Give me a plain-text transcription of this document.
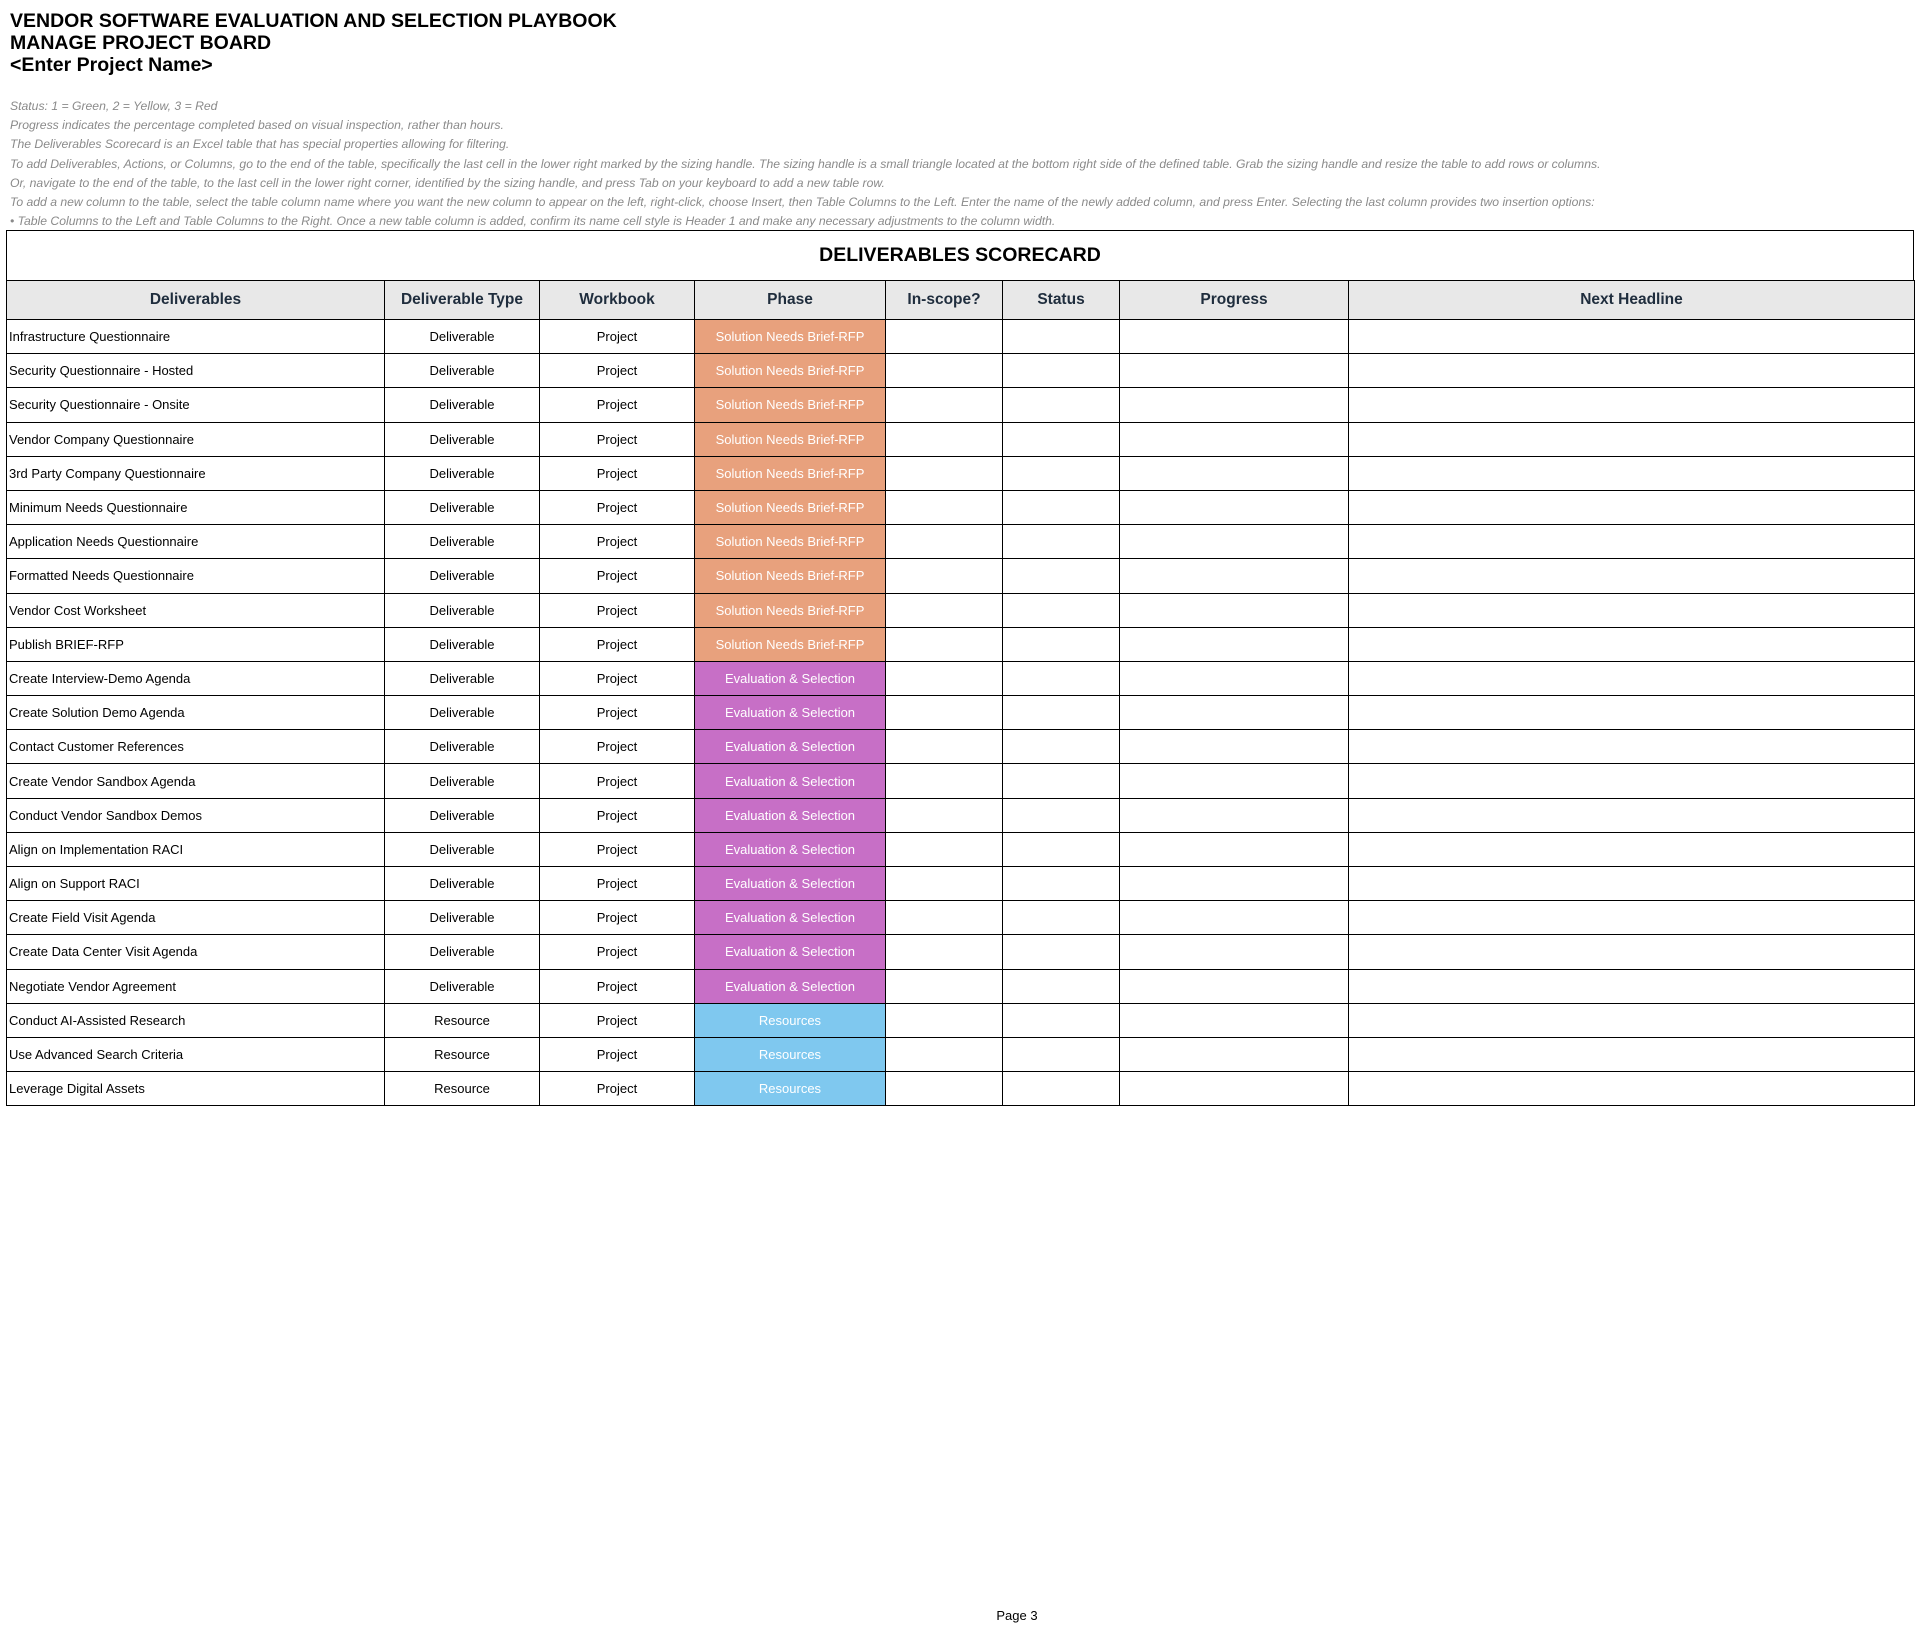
VENDOR SOFTWARE EVALUATION AND SELECTION PLAYBOOK
MANAGE PROJECT BOARD
<Enter Project Name>
Status: 1 = Green, 2 = Yellow, 3 = Red
Progress indicates the percentage completed based on visual inspection, rather than hours.
The Deliverables Scorecard is an Excel table that has special properties allowing for filtering.
To add Deliverables, Actions, or Columns, go to the end of the table, specifically the last cell in the lower right marked by the sizing handle. The sizing handle is a small triangle located at the bottom right side of the defined table. Grab the sizing handle and resize the table to add rows or columns.
Or, navigate to the end of the table, to the last cell in the lower right corner, identified by the sizing handle, and press Tab on your keyboard to add a new table row.
To add a new column to the table, select the table column name where you want the new column to appear on the left, right-click, choose Insert, then Table Columns to the Left. Enter the name of the newly added column, and press Enter. Selecting the last column provides two insertion options:
• Table Columns to the Left and Table Columns to the Right. Once a new table column is added, confirm its name cell style is Header 1 and make any necessary adjustments to the column width.
DELIVERABLES SCORECARD
Deliverables	Deliverable Type	Workbook	Phase	In-scope?	Status	Progress	Next Headline
Infrastructure Questionnaire	Deliverable	Project	Solution Needs Brief-RFP				
Security Questionnaire - Hosted	Deliverable	Project	Solution Needs Brief-RFP				
Security Questionnaire - Onsite	Deliverable	Project	Solution Needs Brief-RFP				
Vendor Company Questionnaire	Deliverable	Project	Solution Needs Brief-RFP				
3rd Party Company Questionnaire	Deliverable	Project	Solution Needs Brief-RFP				
Minimum Needs Questionnaire	Deliverable	Project	Solution Needs Brief-RFP				
Application Needs Questionnaire	Deliverable	Project	Solution Needs Brief-RFP				
Formatted Needs Questionnaire	Deliverable	Project	Solution Needs Brief-RFP				
Vendor Cost Worksheet	Deliverable	Project	Solution Needs Brief-RFP				
Publish BRIEF-RFP	Deliverable	Project	Solution Needs Brief-RFP				
Create Interview-Demo Agenda	Deliverable	Project	Evaluation & Selection				
Create Solution Demo Agenda	Deliverable	Project	Evaluation & Selection				
Contact Customer References	Deliverable	Project	Evaluation & Selection				
Create Vendor Sandbox Agenda	Deliverable	Project	Evaluation & Selection				
Conduct Vendor Sandbox Demos	Deliverable	Project	Evaluation & Selection				
Align on Implementation RACI	Deliverable	Project	Evaluation & Selection				
Align on Support RACI	Deliverable	Project	Evaluation & Selection				
Create Field Visit Agenda	Deliverable	Project	Evaluation & Selection				
Create Data Center Visit Agenda	Deliverable	Project	Evaluation & Selection				
Negotiate Vendor Agreement	Deliverable	Project	Evaluation & Selection				
Conduct AI-Assisted Research	Resource	Project	Resources				
Use Advanced Search Criteria	Resource	Project	Resources				
Leverage Digital Assets	Resource	Project	Resources				
Page 3
